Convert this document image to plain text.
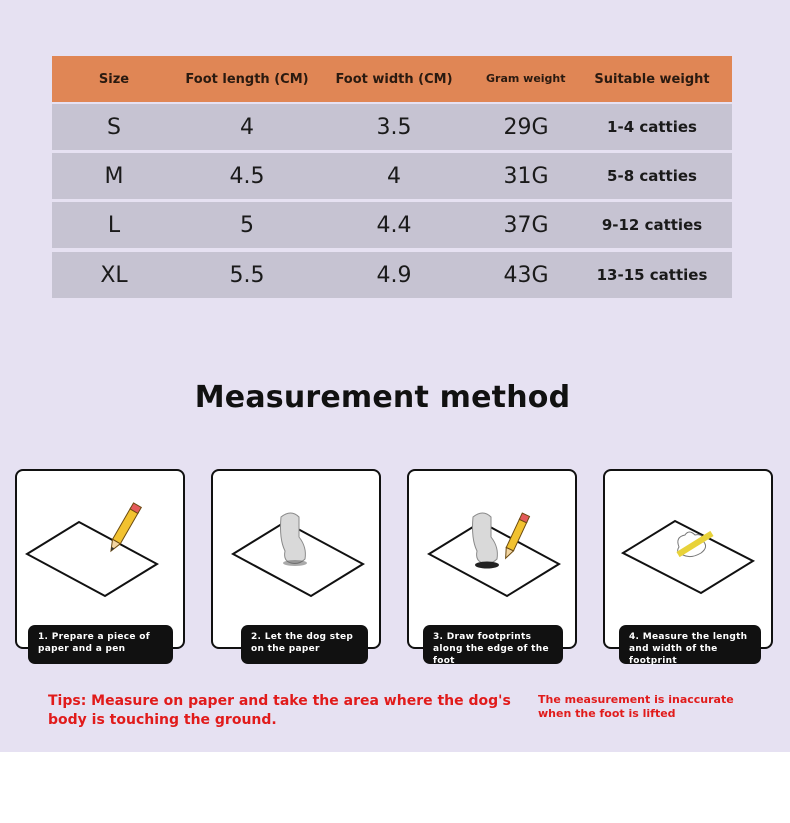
Size	Foot length (CM)	Foot width (CM)	Gram weight	Suitable weight
S	4	3.5	29G	1-4 catties
M	4.5	4	31G	5-8 catties
L	5	4.4	37G	9-12 catties
XL	5.5	4.9	43G	13-15 catties
Measurement method
1. Prepare a piece of paper and a pen
2. Let the dog step on the paper
3. Draw footprints along the edge of the foot
4. Measure the length and width of the footprint
Tips: Measure on paper and take the area where the dog's body is touching the ground.
The measurement is inaccurate when the foot is lifted
